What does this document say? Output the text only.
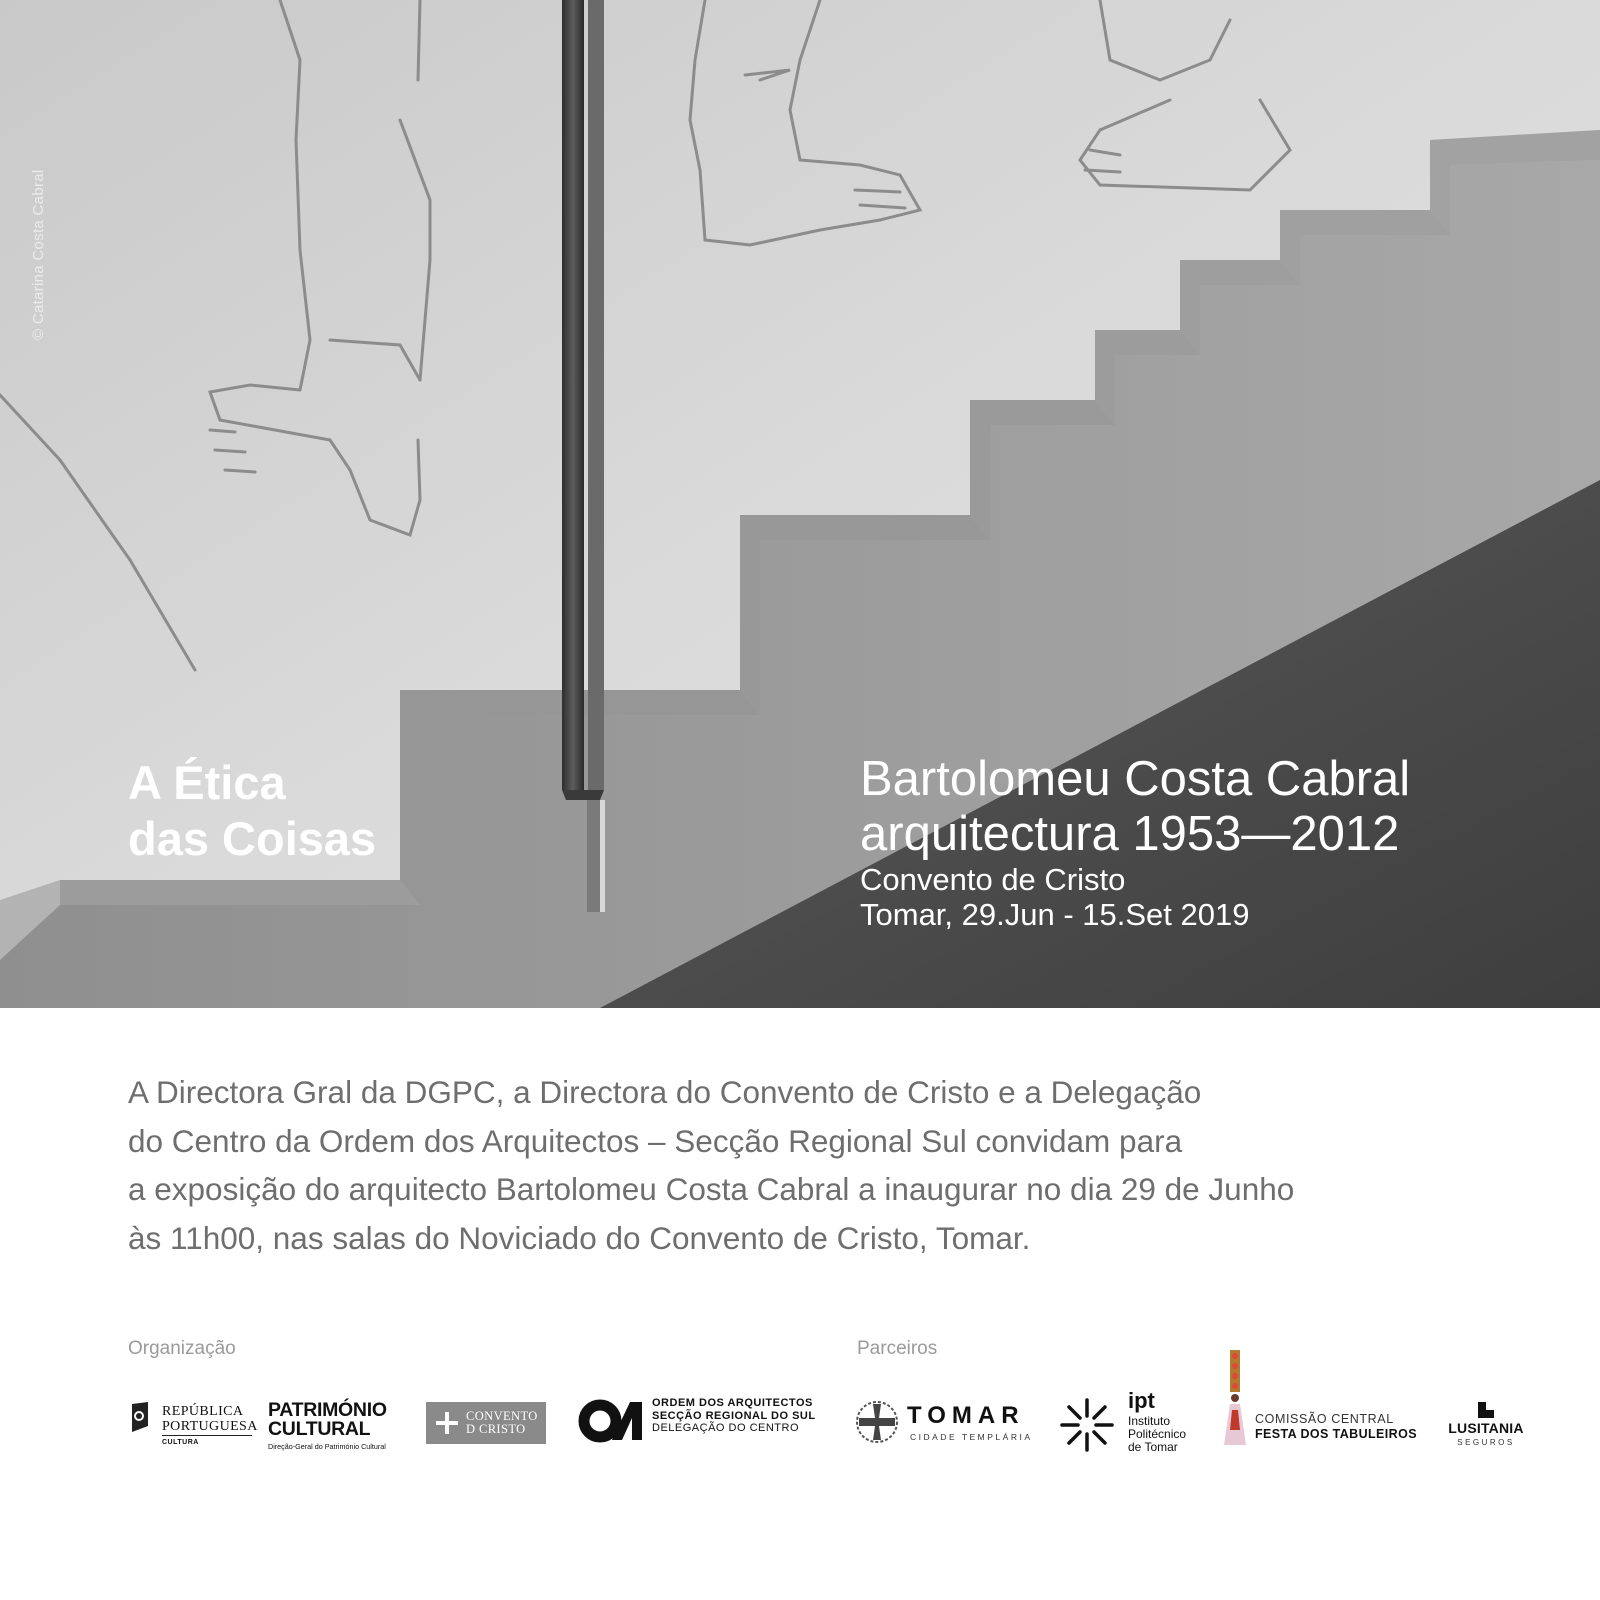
© Catarina Costa Cabral
A Ética
das Coisas
Bartolomeu Costa Cabral
arquitectura 1953—2012
Convento de Cristo
Tomar, 29.Jun - 15.Set 2019
A Directora Gral da DGPC, a Directora do Convento de Cristo e a Delegação
do Centro da Ordem dos Arquitectos – Secção Regional Sul convidam para
a exposição do arquitecto Bartolomeu Costa Cabral a inaugurar no dia 29 de Junho
às 11h00, nas salas do Noviciado do Convento de Cristo, Tomar.
Organização	Parceiros
REPÚBLICA
PORTUGUESA
CULTURA
PATRIMÓNIO
CULTURAL
Direção-Geral do Património Cultural
CONVENTO
D CRISTO
ORDEM DOS ARQUITECTOS
SECÇÃO REGIONAL DO SUL
DELEGAÇÃO DO CENTRO	TOMAR
CIDADE TEMPLÁRIA
ipt
Instituto
Politécnico
de Tomar
COMISSÃO CENTRAL
FESTA DOS TABULEIROS LUSITANIA
SEGUROS
